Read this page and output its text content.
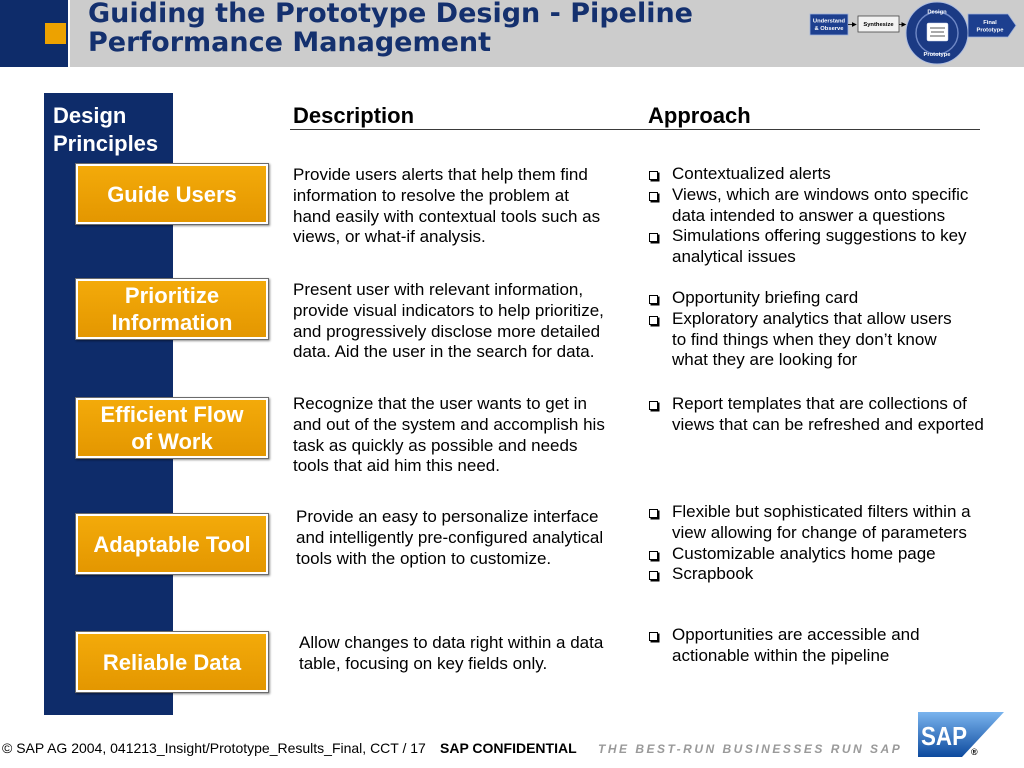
Guiding the Prototype Design - Pipeline
Performance Management
Understand
& Observe
Synthesize
Design
Prototype
Final
Prototype
Design
Principles
Description	Approach
Guide Users
Provide users alerts that help them find
information to resolve the problem at
hand easily with contextual tools such as
views, or what-if analysis.
Contextualized alerts
Views, which are windows onto specific
data intended to answer a questions
Simulations offering suggestions to key
analytical issues
Prioritize
Information
Present user with relevant information,
provide visual indicators to help prioritize,
and progressively disclose more detailed
data. Aid the user in the search for data.
Opportunity briefing card
Exploratory analytics that allow users
to find things when they don’t know
what they are looking for
Efficient Flow
of Work
Recognize that the user wants to get in
and out of the system and accomplish his
task as quickly as possible and needs
tools that aid him this need.
Report templates that are collections of
views that can be refreshed and exported
Adaptable Tool
Provide an easy to personalize interface
and intelligently pre-configured analytical
tools with the option to customize.
Flexible but sophisticated filters within a
view allowing for change of parameters
Customizable analytics home page
Scrapbook
Reliable Data
Allow changes to data right within a data
table, focusing on key fields only.
Opportunities are accessible and
actionable within the pipeline
© SAP AG 2004, 041213_Insight/Prototype_Results_Final, CCT / 17 SAP CONFIDENTIAL THE BEST-RUN BUSINESSES RUN SAP SAP
®
